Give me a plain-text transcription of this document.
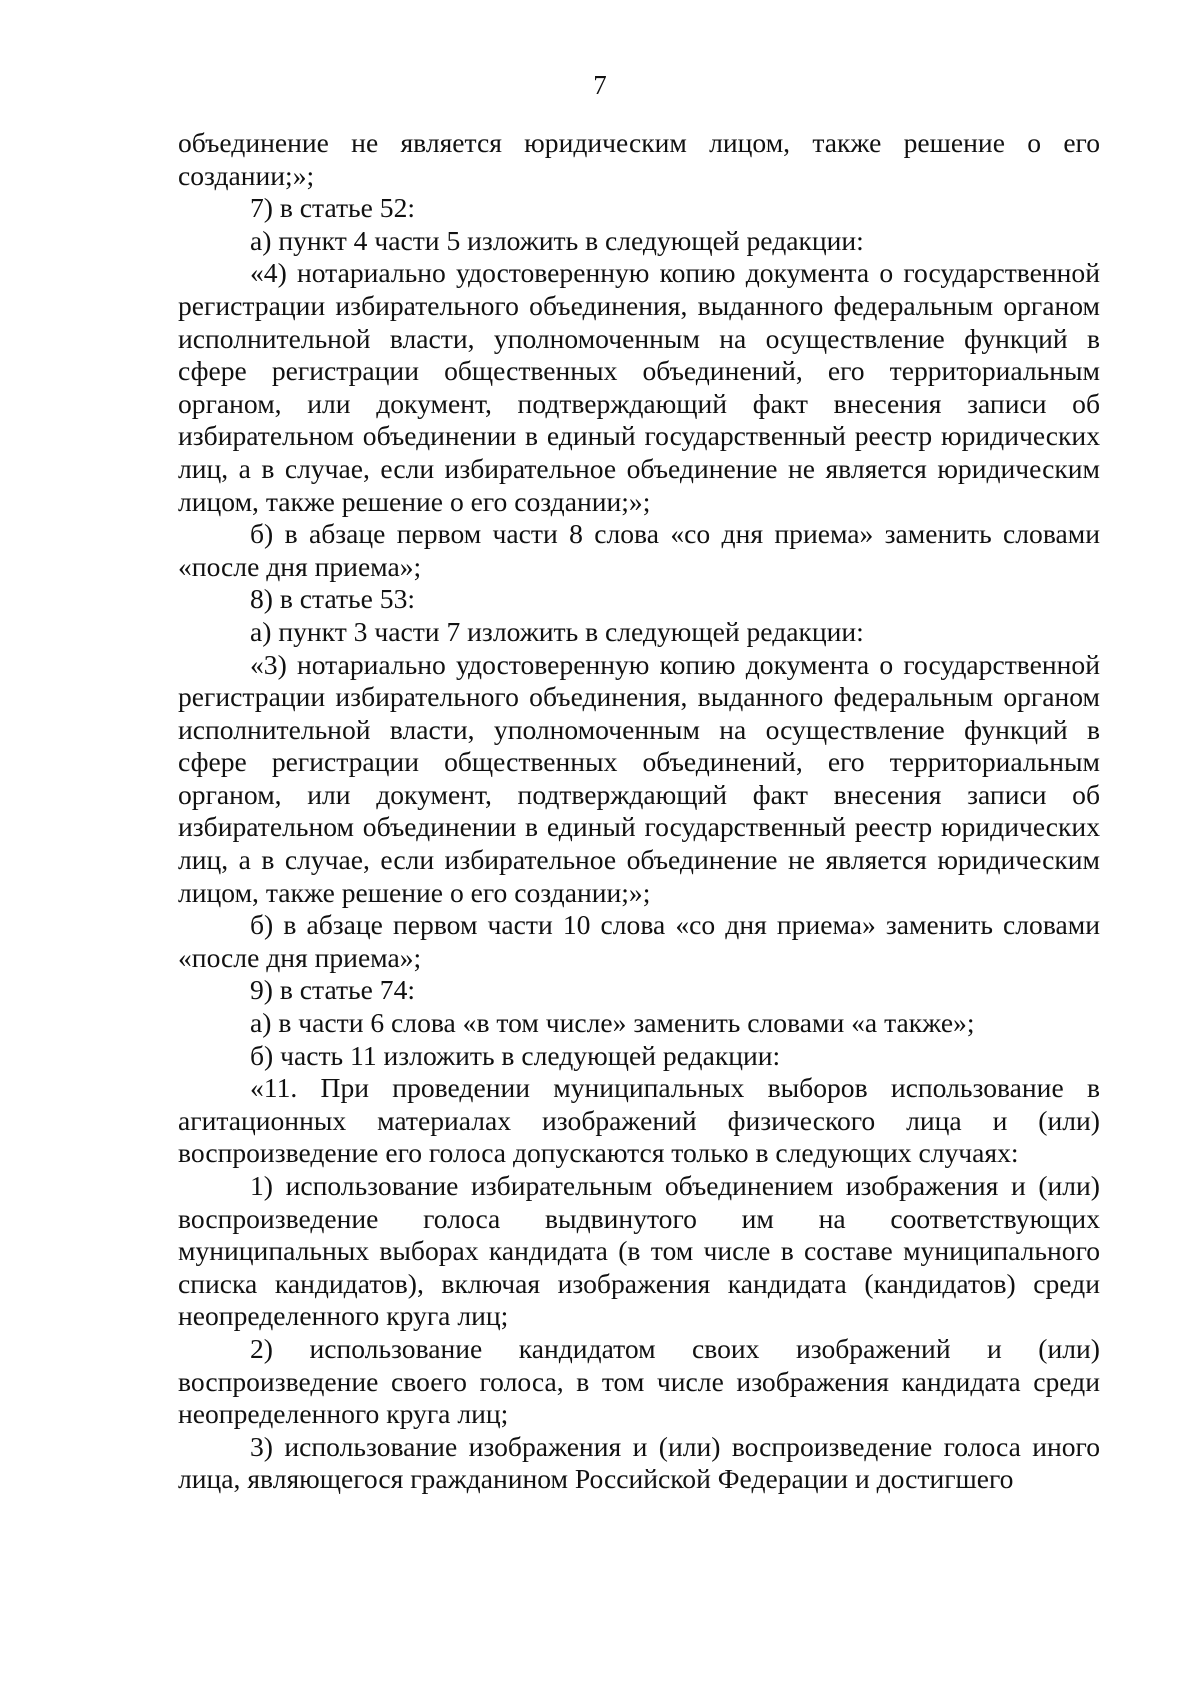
7

объединение не является юридическим лицом, также решение о его создании;»;

7) в статье 52:

а) пункт 4 части 5 изложить в следующей редакции:

«4) нотариально удостоверенную копию документа о государственной регистрации избирательного объединения, выданного федеральным органом исполнительной власти, уполномоченным на осуществление функций в сфере регистрации общественных объединений, его территориальным органом, или документ, подтверждающий факт внесения записи об избирательном объединении в единый государственный реестр юридических лиц, а в случае, если избирательное объединение не является юридическим лицом, также решение о его создании;»;

б) в абзаце первом части 8 слова «со дня приема» заменить словами «после дня приема»;

8) в статье 53:

а) пункт 3 части 7 изложить в следующей редакции:

«3) нотариально удостоверенную копию документа о государственной регистрации избирательного объединения, выданного федеральным органом исполнительной власти, уполномоченным на осуществление функций в сфере регистрации общественных объединений, его территориальным органом, или документ, подтверждающий факт внесения записи об избирательном объединении в единый государственный реестр юридических лиц, а в случае, если избирательное объединение не является юридическим лицом, также решение о его создании;»;

б) в абзаце первом части 10 слова «со дня приема» заменить словами «после дня приема»;

9) в статье 74:

а) в части 6 слова «в том числе» заменить словами «а также»;

б) часть 11 изложить в следующей редакции:

«11. При проведении муниципальных выборов использование в агитационных материалах изображений физического лица и (или) воспроизведение его голоса допускаются только в следующих случаях:

1) использование избирательным объединением изображения и (или) воспроизведение голоса выдвинутого им на соответствующих муниципальных выборах кандидата (в том числе в составе муниципального списка кандидатов), включая изображения кандидата (кандидатов) среди неопределенного круга лиц;

2) использование кандидатом своих изображений и (или) воспроизведение своего голоса, в том числе изображения кандидата среди неопределенного круга лиц;

3) использование изображения и (или) воспроизведение голоса иного лица, являющегося гражданином Российской Федерации и достигшего
